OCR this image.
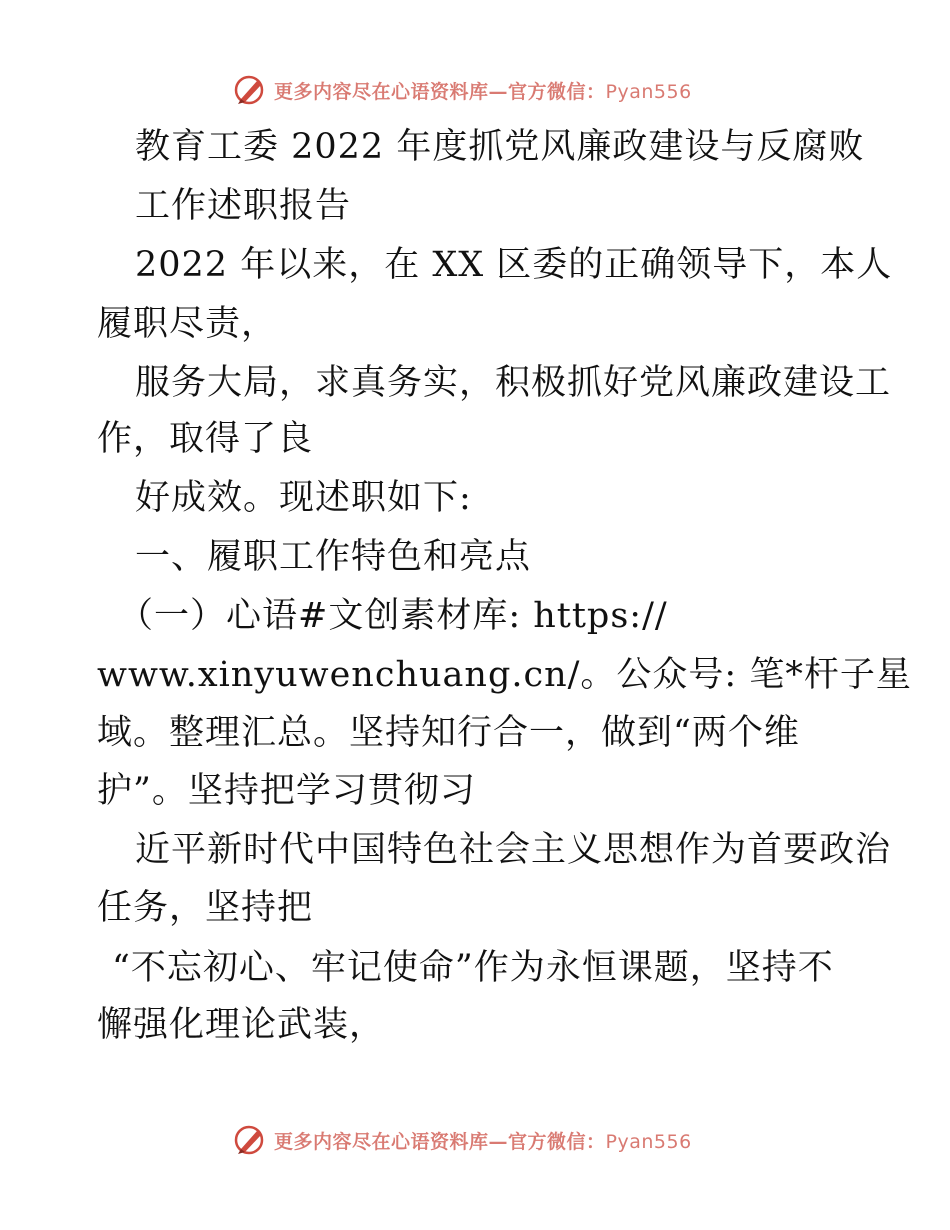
更多内容尽在心语资料库—官方微信：Pyan556
教育工委 2022 年度抓党风廉政建设与反腐败
工作述职报告
2022 年以来，在 XX 区委的正确领导下，本人
履职尽责，
服务大局，求真务实，积极抓好党风廉政建设工
作，取得了良
好成效。现述职如下:
一、履职工作特色和亮点
（一）心语#文创素材库: https://
www.xinyuwenchuang.cn/。公众号: 笔*杆子星
域。整理汇总。坚持知行合一，做到“两个维
护”。坚持把学习贯彻习
近平新时代中国特色社会主义思想作为首要政治
任务，坚持把
“不忘初心、牢记使命”作为永恒课题，坚持不
懈强化理论武装，
更多内容尽在心语资料库—官方微信：Pyan556
